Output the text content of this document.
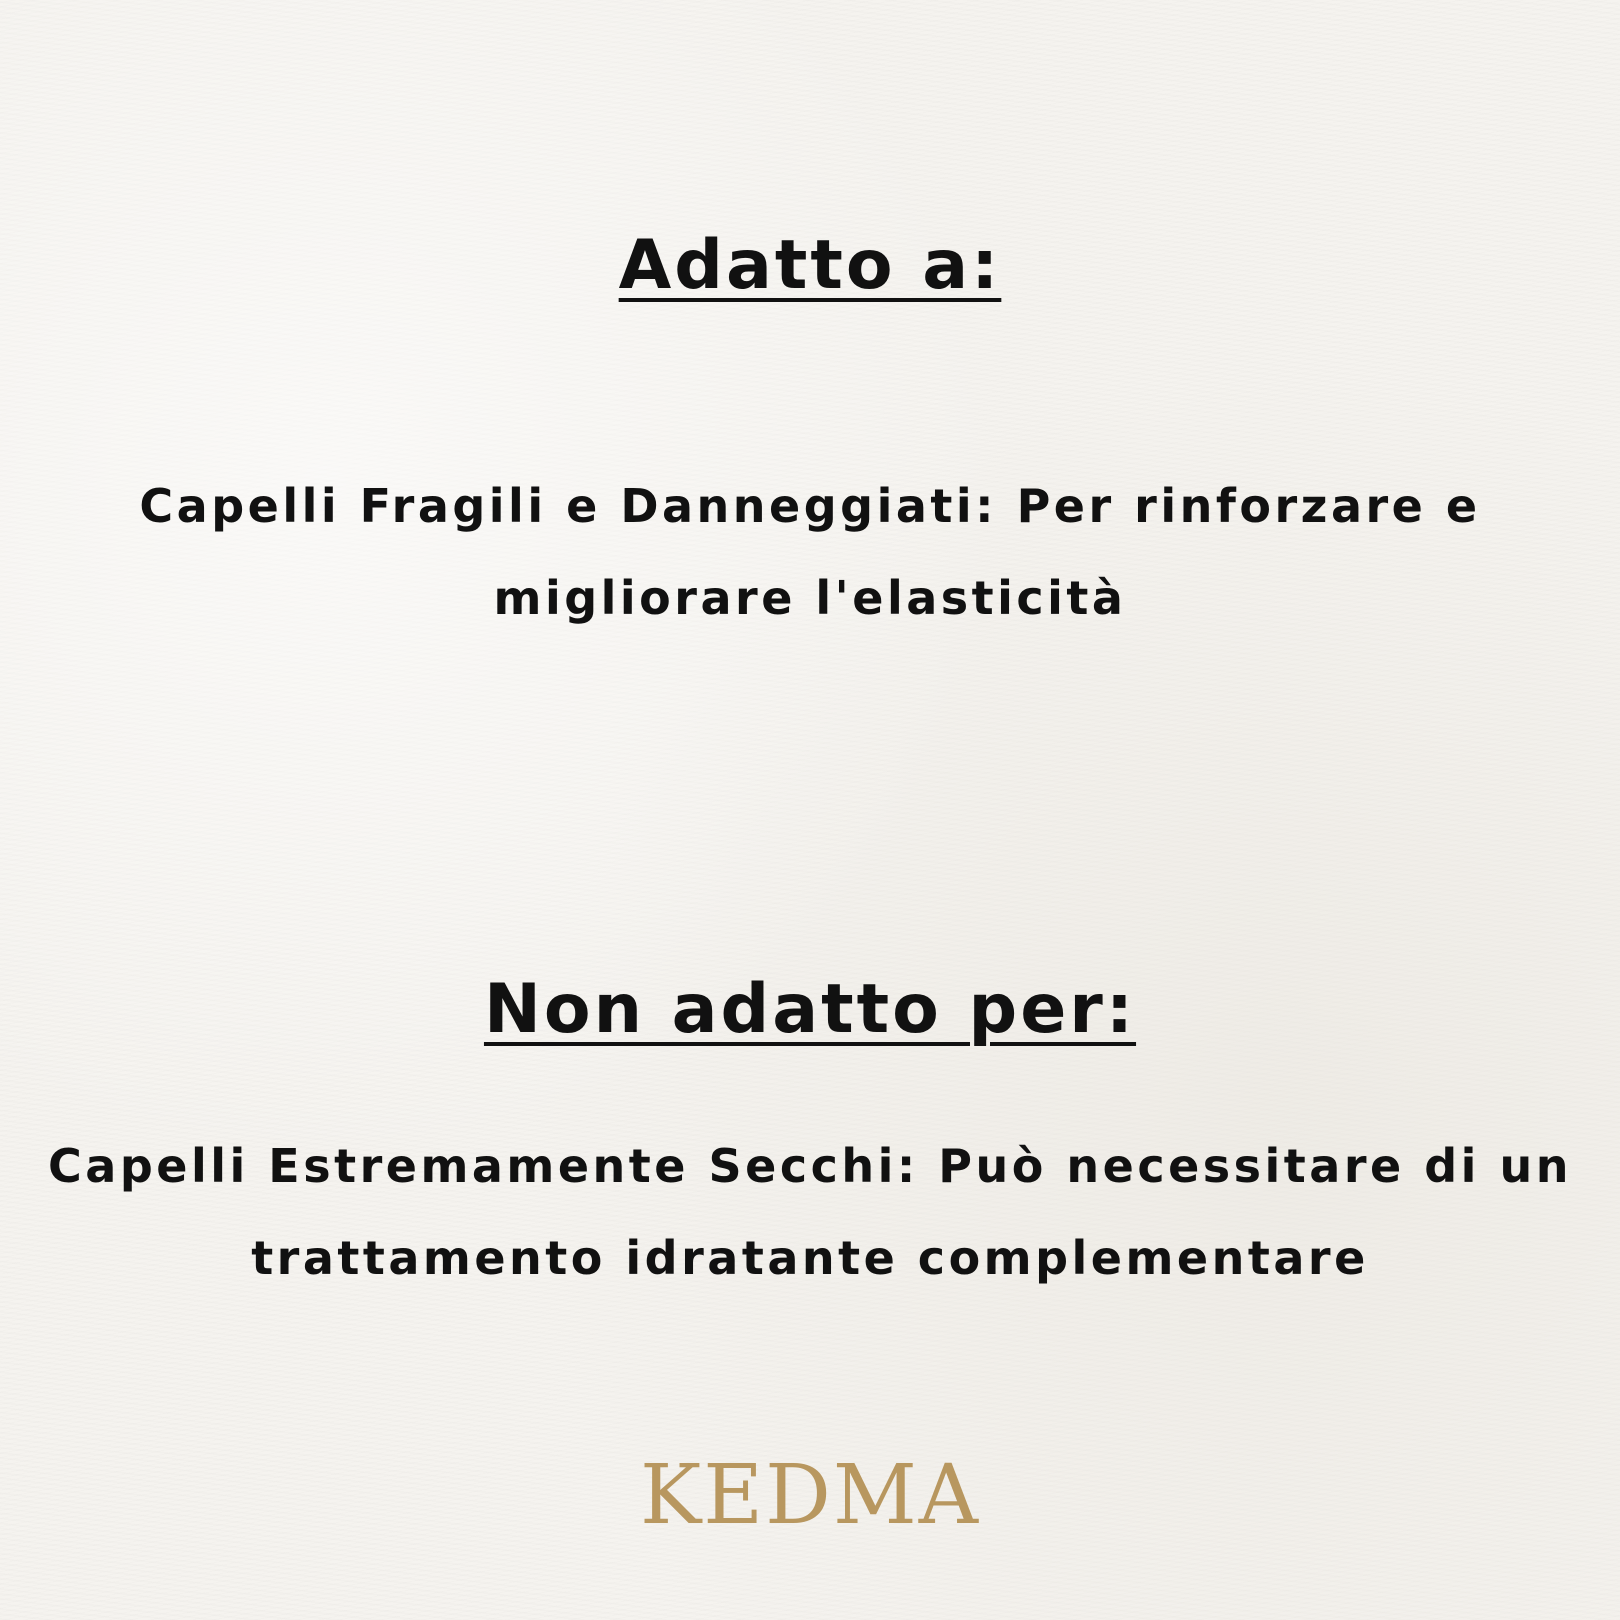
Adatto a:

Capelli Fragili e Danneggiati: Per rinforzare e migliorare l'elasticità

Non adatto per:

Capelli Estremamente Secchi: Può necessitare di un trattamento idratante complementare

KEDMA
